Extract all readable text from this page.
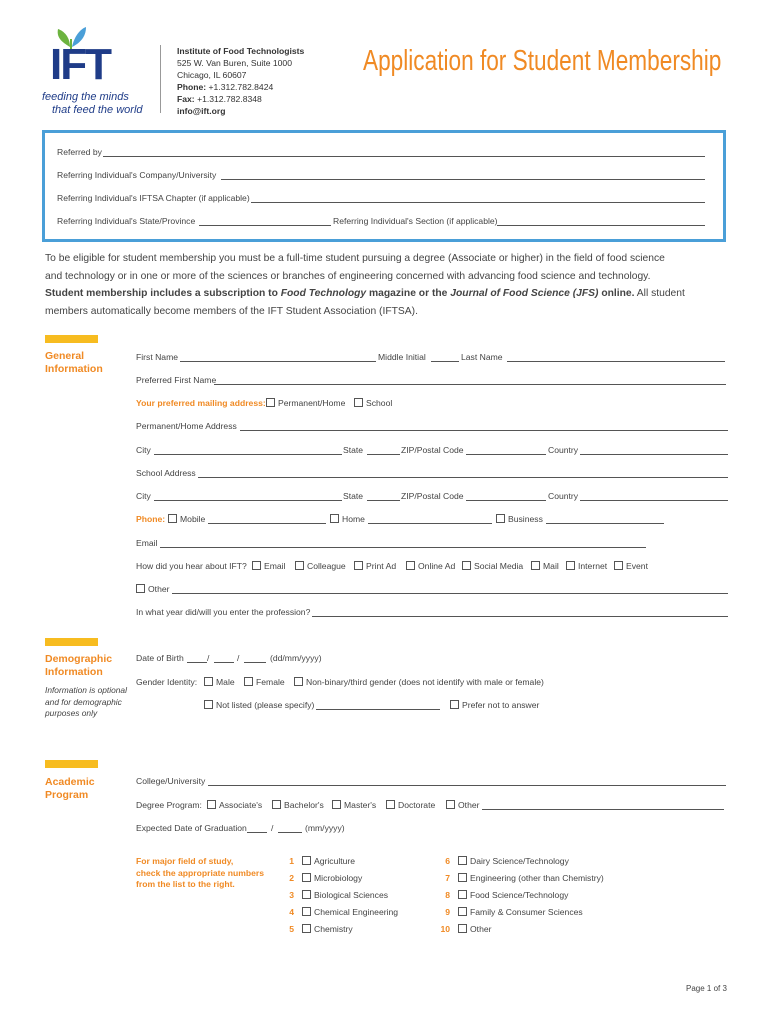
IFT
feeding the minds
that feed the world
Institute of Food Technologists
525 W. Van Buren, Suite 1000
Chicago, IL 60607
Phone: +1.312.782.8424
Fax: +1.312.782.8348
info@ift.org
Application for Student Membership
Referred by
Referring Individual's Company/University
Referring Individual's IFTSA Chapter (if applicable)
Referring Individual's State/Province	Referring Individual's Section (if applicable)
To be eligible for student membership you must be a full-time student pursuing a degree (Associate or higher) in the field of food science
and technology or in one or more of the sciences or branches of engineering concerned with advancing food science and technology.
Student membership includes a subscription to Food Technology magazine or the Journal of Food Science (JFS) online. All student
members automatically become members of the IFT Student Association (IFTSA).
General
Information
First Name	Middle Initial	Last Name
Preferred First Name
Your preferred mailing address:	Permanent/Home	School
Permanent/Home Address
City	State	ZIP/Postal Code	Country
School Address
City	State	ZIP/Postal Code	Country
Phone:	Mobile	Home	Business
Email
How did you hear about IFT?	Email	Colleague	Print Ad	Online Ad	Social Media	Mail	Internet	Event
Other
In what year did/will you enter the profession?
Demographic
Information
Information is optional
and for demographic
purposes only
Date of Birth	/	/	(dd/mm/yyyy)
Gender Identity:	Male	Female	Non-binary/third gender (does not identify with male or female)
Not listed (please specify)	Prefer not to answer
Academic
Program
College/University
Degree Program:	Associate's	Bachelor's	Master's	Doctorate	Other
Expected Date of Graduation	/	(mm/yyyy)
For major field of study,
check the appropriate numbers
from the list to the right.
1	Agriculture
2	Microbiology
3	Biological Sciences
4	Chemical Engineering
5	Chemistry
6	Dairy Science/Technology
7	Engineering (other than Chemistry)
8	Food Science/Technology
9	Family & Consumer Sciences
10	Other
Page 1 of 3
